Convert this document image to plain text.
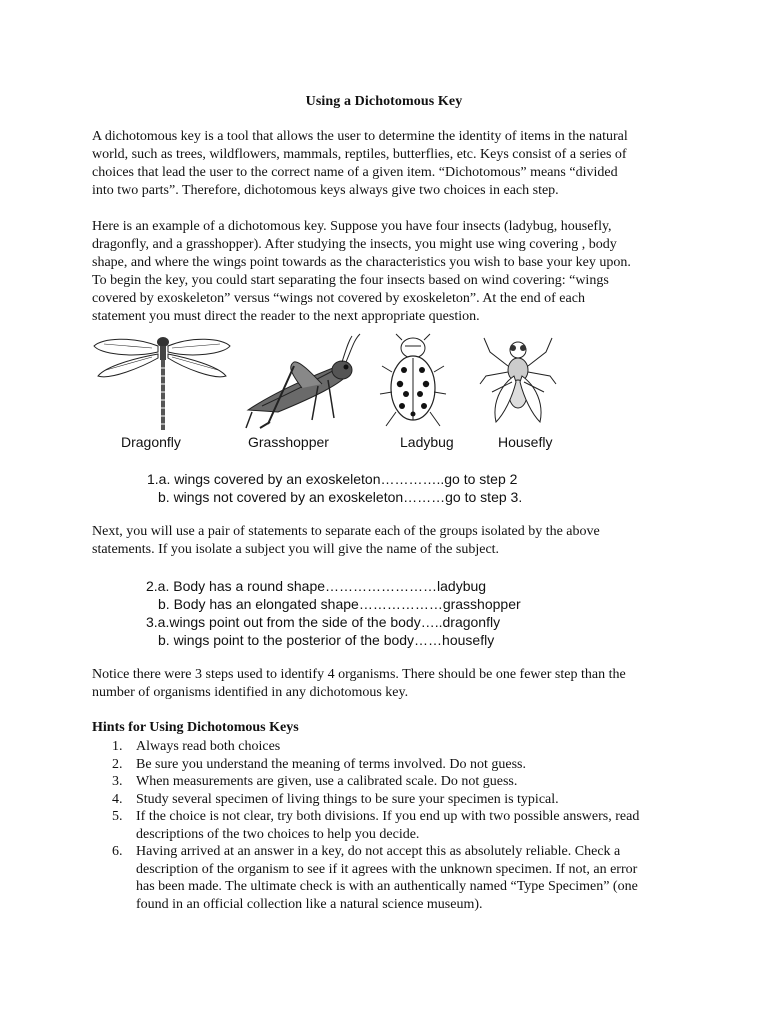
Using a Dichotomous Key
A dichotomous key is a tool that allows the user to determine the identity of items in the natural
world, such as trees, wildflowers, mammals, reptiles, butterflies, etc. Keys consist of a series of
choices that lead the user to the correct name of a given item. “Dichotomous” means “divided
into two parts”. Therefore, dichotomous keys always give two choices in each step.
Here is an example of a dichotomous key. Suppose you have four insects (ladybug, housefly,
dragonfly, and a grasshopper). After studying the insects, you might use wing covering , body
shape, and where the wings point towards as the characteristics you wish to base your key upon.
To begin the key, you could start separating the four insects based on wind covering: “wings
covered by exoskeleton” versus “wings not covered by exoskeleton”. At the end of each
statement you must direct the reader to the next appropriate question.
Dragonfly	Grasshopper	Ladybug	Housefly
1.a. wings covered by an exoskeleton…………..go to step 2
b. wings not covered by an exoskeleton………go to step 3.
Next, you will use a pair of statements to separate each of the groups isolated by the above
statements. If you isolate a subject you will give the name of the subject.
2.a. Body has a round shape……………………ladybug
b. Body has an elongated shape………………grasshopper
3.a.wings point out from the side of the body…..dragonfly
b. wings point to the posterior of the body……housefly
Notice there were 3 steps used to identify 4 organisms. There should be one fewer step than the
number of organisms identified in any dichotomous key.
Hints for Using Dichotomous Keys
1. Always read both choices
2. Be sure you understand the meaning of terms involved. Do not guess.
3. When measurements are given, use a calibrated scale. Do not guess.
4. Study several specimen of living things to be sure your specimen is typical.
5. If the choice is not clear, try both divisions. If you end up with two possible answers, read
descriptions of the two choices to help you decide.
6. Having arrived at an answer in a key, do not accept this as absolutely reliable. Check a
description of the organism to see if it agrees with the unknown specimen. If not, an error
has been made. The ultimate check is with an authentically named “Type Specimen” (one
found in an official collection like a natural science museum).
